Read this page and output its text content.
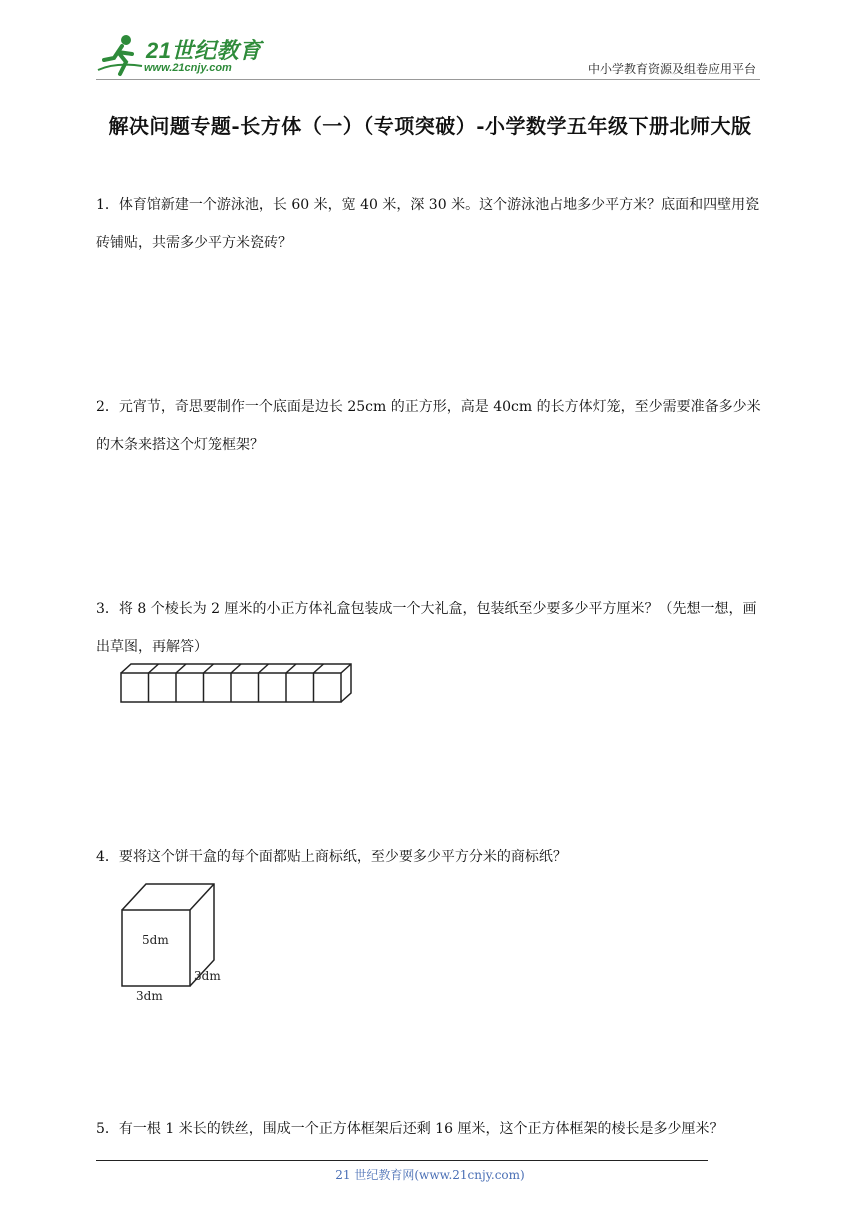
21世纪教育
www.21cnjy.com	中小学教育资源及组卷应用平台
解决问题专题-长方体（一）（专项突破）-小学数学五年级下册北师大版
1．体育馆新建一个游泳池，长 60 米，宽 40 米，深 30 米。这个游泳池占地多少平方米？底面和四壁用瓷砖铺贴，共需多少平方米瓷砖？
2．元宵节，奇思要制作一个底面是边长 25cm 的正方形，高是 40cm 的长方体灯笼，至少需要准备多少米的木条来搭这个灯笼框架？
3．将 8 个棱长为 2 厘米的小正方体礼盒包装成一个大礼盒，包装纸至少要多少平方厘米？（先想一想，画出草图，再解答）
4．要将这个饼干盒的每个面都贴上商标纸，至少要多少平方分米的商标纸？
5dm
3dm
3dm
5．有一根 1 米长的铁丝，围成一个正方体框架后还剩 16 厘米，这个正方体框架的棱长是多少厘米？
21 世纪教育网(www.21cnjy.com)
